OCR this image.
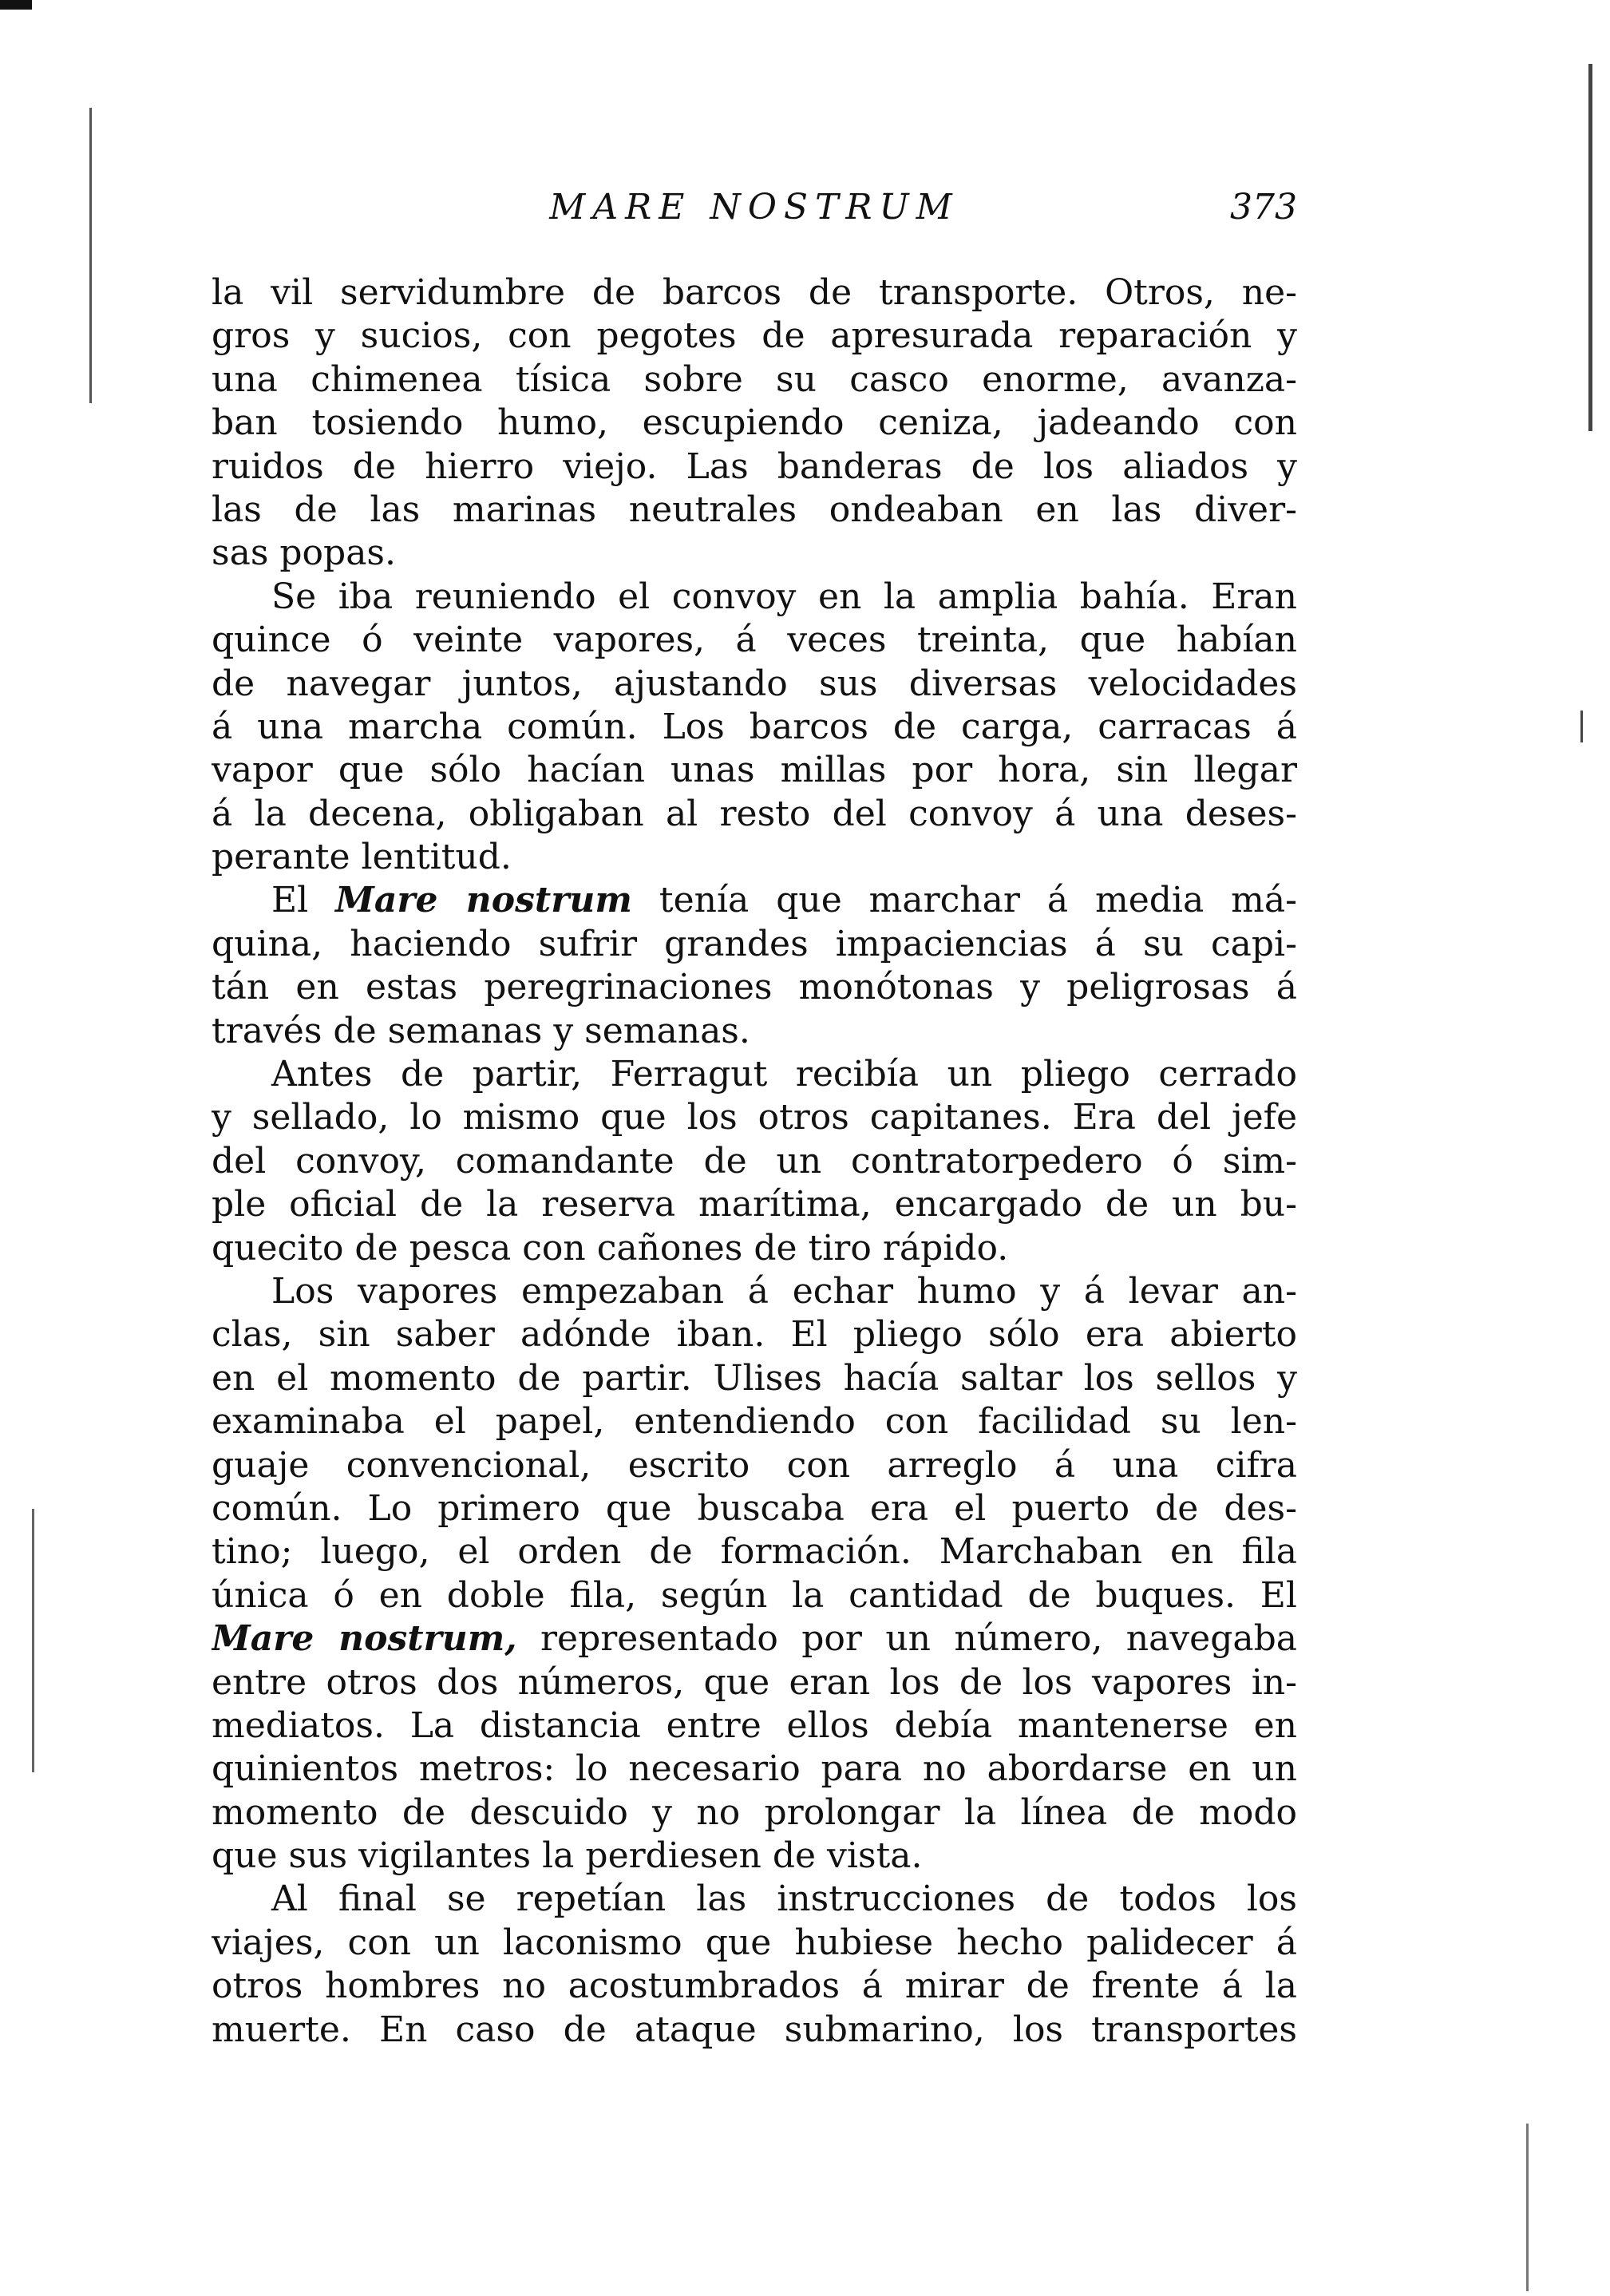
MARE NOSTRUM	373
la vil servidumbre de barcos de transporte. Otros, ne-
gros y sucios, con pegotes de apresurada reparación y
una chimenea tísica sobre su casco enorme, avanza-
ban tosiendo humo, escupiendo ceniza, jadeando con
ruidos de hierro viejo. Las banderas de los aliados y
las de las marinas neutrales ondeaban en las diver-
sas popas.
Se iba reuniendo el convoy en la amplia bahía. Eran
quince ó veinte vapores, á veces treinta, que habían
de navegar juntos, ajustando sus diversas velocidades
á una marcha común. Los barcos de carga, carracas á
vapor que sólo hacían unas millas por hora, sin llegar
á la decena, obligaban al resto del convoy á una deses-
perante lentitud.
El Mare nostrum tenía que marchar á media má-
quina, haciendo sufrir grandes impaciencias á su capi-
tán en estas peregrinaciones monótonas y peligrosas á
través de semanas y semanas.
Antes de partir, Ferragut recibía un pliego cerrado
y sellado, lo mismo que los otros capitanes. Era del jefe
del convoy, comandante de un contratorpedero ó sim-
ple oficial de la reserva marítima, encargado de un bu-
quecito de pesca con cañones de tiro rápido.
Los vapores empezaban á echar humo y á levar an-
clas, sin saber adónde iban. El pliego sólo era abierto
en el momento de partir. Ulises hacía saltar los sellos y
examinaba el papel, entendiendo con facilidad su len-
guaje convencional, escrito con arreglo á una cifra
común. Lo primero que buscaba era el puerto de des-
tino; luego, el orden de formación. Marchaban en fila
única ó en doble fila, según la cantidad de buques. El
Mare nostrum, representado por un número, navegaba
entre otros dos números, que eran los de los vapores in-
mediatos. La distancia entre ellos debía mantenerse en
quinientos metros: lo necesario para no abordarse en un
momento de descuido y no prolongar la línea de modo
que sus vigilantes la perdiesen de vista.
Al final se repetían las instrucciones de todos los
viajes, con un laconismo que hubiese hecho palidecer á
otros hombres no acostumbrados á mirar de frente á la
muerte. En caso de ataque submarino, los transportes
